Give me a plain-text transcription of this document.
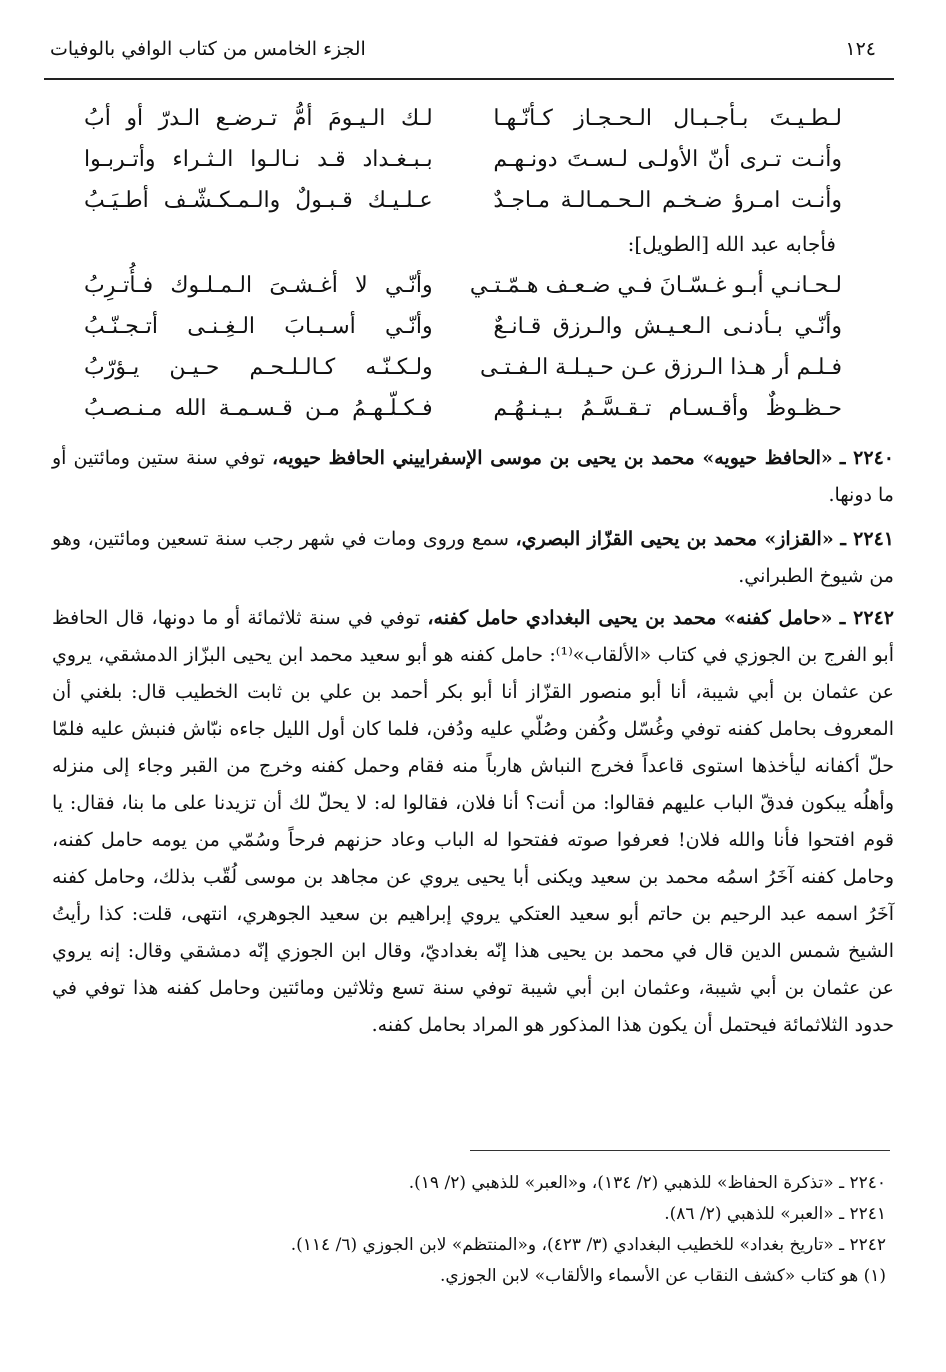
١٢٤
الجزء الخامس من كتاب الوافي بالوفيات
لـطـيـتَ بـأجـبـال الـحـجـاز كـأنّـهـا
لـك الـيـومَ أمُّ تـرضـع الـدرّ أو أبُ
وأنـت تـرى أنّ الأولـى لـسـتَ دونـهـم
بـبـغـداد قـد نـالـوا الـثـراء وأتـربـوا
وأنـت امـرؤ ضـخـم الـحـمـالـة مـاجـدٌ
عـلـيـك قـبـولٌ والـمـكـشّـف أطـيَـبُ
فأجابه عبد الله [الطويل]:
لـحـانـي أبـو غـسّـانَ فـي ضـعـف هـمّـتـي
وأنّـي لا أغـشـىَ الـمـلـوك فـأُتـرِبُ
وأنّـي بـأدنـى الـعـيـش والـرزق قـانـعٌ
وأنّـي أسـبـابَ الـغِـنـى أتـجـنّـبُ
فـلـم أر هـذا الـرزق عـن حـيـلـة الـفـتـى
ولـكـنّـه كـالـلـحـم حـيـن يـؤرّبُ
حـظـوظٌ وأقـسـام تـقـسَّـمُ بـيـنـهُـم
فـكـلّـهـمُ مـن قـسـمـة الله مـنـصـبُ
٢٢٤٠ ـ «الحافظ حيويه» محمد بن يحيى بن موسى الإسفراييني الحافظ حيويه، توفي سنة ستين ومائتين أو ما دونها.
٢٢٤١ ـ «القزاز» محمد بن يحيى القزّاز البصري، سمع وروى ومات في شهر رجب سنة تسعين ومائتين، وهو من شيوخ الطبراني.
٢٢٤٢ ـ «حامل كفنه» محمد بن يحيى البغدادي حامل كفنه، توفي في سنة ثلاثمائة أو ما دونها، قال الحافظ أبو الفرج بن الجوزي في كتاب «الألقاب»⁽¹⁾: حامل كفنه هو أبو سعيد محمد ابن يحيى البزّاز الدمشقي، يروي عن عثمان بن أبي شيبة، أنا أبو منصور القزّاز أنا أبو بكر أحمد بن علي بن ثابت الخطيب قال: بلغني أن المعروف بحامل كفنه توفي وغُسّل وكُفن وصُلّي عليه ودُفن، فلما كان أول الليل جاءه نبّاش فنبش عليه فلمّا حلّ أكفانه ليأخذها استوى قاعداً فخرج النباش هارباً منه فقام وحمل كفنه وخرج من القبر وجاء إلى منزله وأهلُه يبكون فدقّ الباب عليهم فقالوا: من أنت؟ أنا فلان، فقالوا له: لا يحلّ لك أن تزيدنا على ما بنا، فقال: يا قوم افتحوا فأنا والله فلان! فعرفوا صوته ففتحوا له الباب وعاد حزنهم فرحاً وسُمّي من يومه حامل كفنه، وحامل كفنه آخَرُ اسمُه محمد بن سعيد ويكنى أبا يحيى يروي عن مجاهد بن موسى لُقّب بذلك، وحامل كفنه آخَرُ اسمه عبد الرحيم بن حاتم أبو سعيد العتكي يروي إبراهيم بن سعيد الجوهري، انتهى، قلت: كذا رأيتُ الشيخ شمس الدين قال في محمد بن يحيى هذا إنّه بغداديّ، وقال ابن الجوزي إنّه دمشقي وقال: إنه يروي عن عثمان بن أبي شيبة، وعثمان ابن أبي شيبة توفي سنة تسع وثلاثين ومائتين وحامل كفنه هذا توفي في حدود الثلاثمائة فيحتمل أن يكون هذا المذكور هو المراد بحامل كفنه.
٢٢٤٠ ـ «تذكرة الحفاظ» للذهبي (٢/ ١٣٤)، و«العبر» للذهبي (٢/ ١٩).
٢٢٤١ ـ «العبر» للذهبي (٢/ ٨٦).
٢٢٤٢ ـ «تاريخ بغداد» للخطيب البغدادي (٣/ ٤٢٣)، و«المنتظم» لابن الجوزي (٦/ ١١٤).
(١) هو كتاب «كشف النقاب عن الأسماء والألقاب» لابن الجوزي.
